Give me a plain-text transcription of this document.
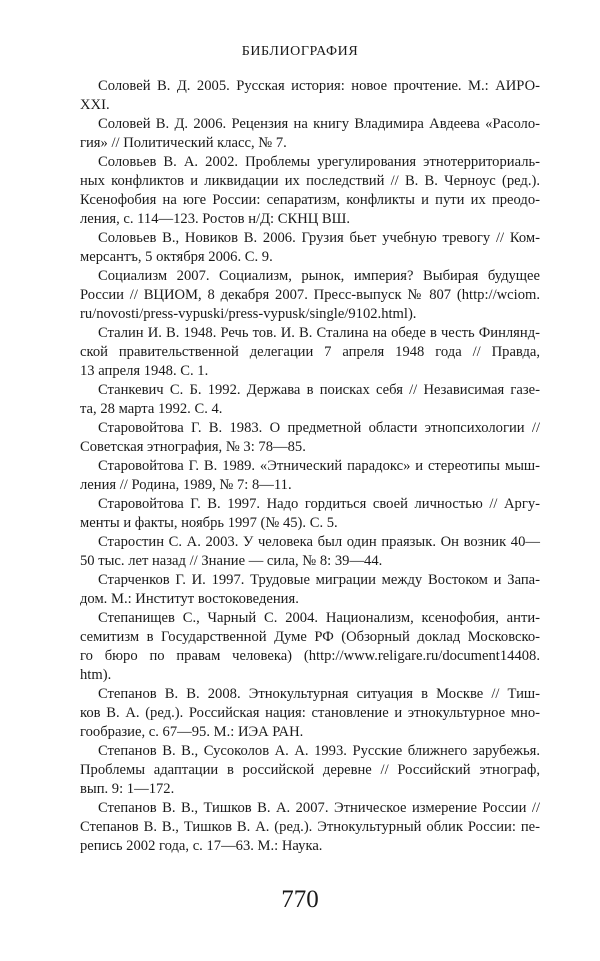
БИБЛИОГРАФИЯ
Соловей В. Д. 2005. Русская история: новое прочтение. М.: АИРО-
XXI.
Соловей В. Д. 2006. Рецензия на книгу Владимира Авдеева «Расоло-
гия» // Политический класс, № 7.
Соловьев В. А. 2002. Проблемы урегулирования этнотерриториаль-
ных конфликтов и ликвидации их последствий // В. В. Черноус (ред.).
Ксенофобия на юге России: сепаратизм, конфликты и пути их преодо-
ления, с. 114—123. Ростов н/Д: СКНЦ ВШ.
Соловьев В., Новиков В. 2006. Грузия бьет учебную тревогу // Ком-
мерсантъ, 5 октября 2006. С. 9.
Социализм 2007. Социализм, рынок, империя? Выбирая будущее
России // ВЦИОМ, 8 декабря 2007. Пресс-выпуск № 807 (http://wciom.
ru/novosti/press-vypuski/press-vypusk/single/9102.html).
Сталин И. В. 1948. Речь тов. И. В. Сталина на обеде в честь Финлянд-
ской правительственной делегации 7 апреля 1948 года // Правда,
13 апреля 1948. С. 1.
Станкевич С. Б. 1992. Держава в поисках себя // Независимая газе-
та, 28 марта 1992. С. 4.
Старовойтова Г. В. 1983. О предметной области этнопсихологии //
Советская этнография, № 3: 78—85.
Старовойтова Г. В. 1989. «Этнический парадокс» и стереотипы мыш-
ления // Родина, 1989, № 7: 8—11.
Старовойтова Г. В. 1997. Надо гордиться своей личностью // Аргу-
менты и факты, ноябрь 1997 (№ 45). С. 5.
Старостин С. А. 2003. У человека был один праязык. Он возник 40—
50 тыс. лет назад // Знание — сила, № 8: 39—44.
Старченков Г. И. 1997. Трудовые миграции между Востоком и Запа-
дом. М.: Институт востоковедения.
Степанищев С., Чарный С. 2004. Национализм, ксенофобия, анти-
семитизм в Государственной Думе РФ (Обзорный доклад Московско-
го бюро по правам человека) (http://www.religare.ru/document14408.
htm).
Степанов В. В. 2008. Этнокультурная ситуация в Москве // Тиш-
ков В. А. (ред.). Российская нация: становление и этнокультурное мно-
гообразие, с. 67—95. М.: ИЭА РАН.
Степанов В. В., Сусоколов А. А. 1993. Русские ближнего зарубежья.
Проблемы адаптации в российской деревне // Российский этнограф,
вып. 9: 1—172.
Степанов В. В., Тишков В. А. 2007. Этническое измерение России //
Степанов В. В., Тишков В. А. (ред.). Этнокультурный облик России: пе-
репись 2002 года, с. 17—63. М.: Наука.
770
